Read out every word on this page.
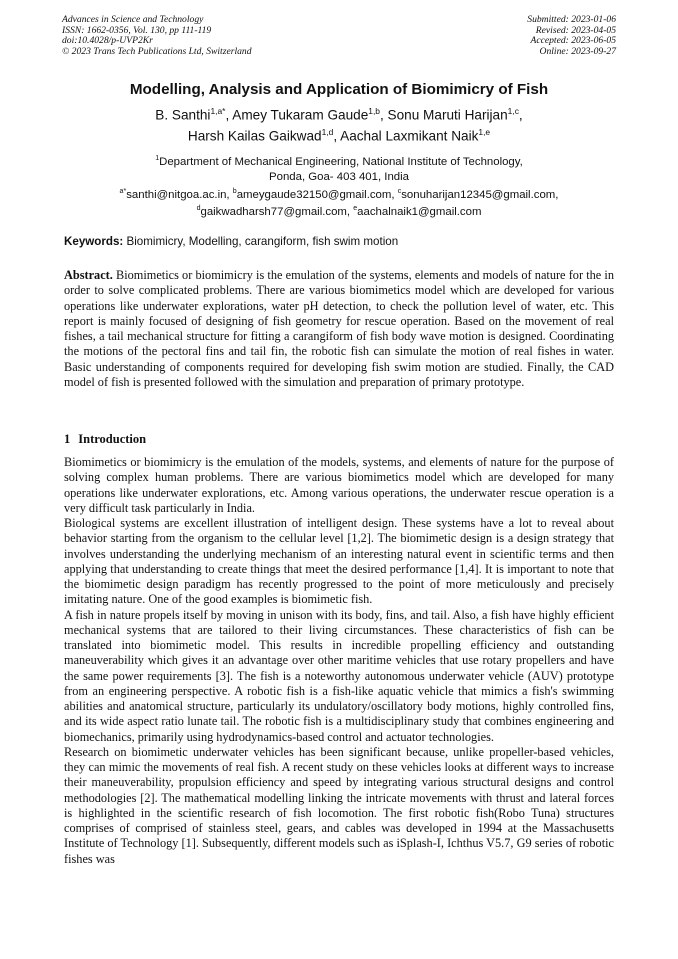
Advances in Science and Technology
ISSN: 1662-0356, Vol. 130, pp 111-119
doi:10.4028/p-UVP2Kr
© 2023 Trans Tech Publications Ltd, Switzerland
Submitted: 2023-01-06
Revised: 2023-04-05
Accepted: 2023-06-05
Online: 2023-09-27
Modelling, Analysis and Application of Biomimicry of Fish
B. Santhi$^{1,a*}$, Amey Tukaram Gaude$^{1,b}$, Sonu Maruti Harijan$^{1,c}$,
Harsh Kailas Gaikwad$^{1,d}$, Aachal Laxmikant Naik$^{1,e}$
$^1$Department of Mechanical Engineering, National Institute of Technology,
Ponda, Goa- 403 401, India
$^{a*}$santhi@nitgoa.ac.in, $^b$ameygaude32150@gmail.com, $^c$sonuharijan12345@gmail.com,
$^d$gaikwadharsh77@gmail.com, $^e$aachalnaik1@gmail.com
Keywords: Biomimicry, Modelling, carangiform, fish swim motion
Abstract. Biomimetics or biomimicry is the emulation of the systems, elements and models of nature for the in order to solve complicated problems. There are various biomimetics model which are developed for various operations like underwater explorations, water pH detection, to check the pollution level of water, etc. This report is mainly focused of designing of fish geometry for rescue operation. Based on the movement of real fishes, a tail mechanical structure for fitting a carangiform of fish body wave motion is designed. Coordinating the motions of the pectoral fins and tail fin, the robotic fish can simulate the motion of real fishes in water. Basic understanding of components required for developing fish swim motion are studied. Finally, the CAD model of fish is presented followed with the simulation and preparation of primary prototype.
1 Introduction

Biomimetics or biomimicry is the emulation of the models, systems, and elements of nature for the purpose of solving complex human problems. There are various biomimetics model which are developed for many operations like underwater explorations, etc. Among various operations, the underwater rescue operation is a very difficult task particularly in India.

Biological systems are excellent illustration of intelligent design. These systems have a lot to reveal about behavior starting from the organism to the cellular level [1,2]. The biomimetic design is a design strategy that involves understanding the underlying mechanism of an interesting natural event in scientific terms and then applying that understanding to create things that meet the desired performance [1,4]. It is important to note that the biomimetic design paradigm has recently progressed to the point of more meticulously and precisely imitating nature. One of the good examples is biomimetic fish.

A fish in nature propels itself by moving in unison with its body, fins, and tail. Also, a fish have highly efficient mechanical systems that are tailored to their living circumstances. These characteristics of fish can be translated into biomimetic model. This results in incredible propelling efficiency and outstanding maneuverability which gives it an advantage over other maritime vehicles that use rotary propellers and have the same power requirements [3]. The fish is a noteworthy autonomous underwater vehicle (AUV) prototype from an engineering perspective. A robotic fish is a fish-like aquatic vehicle that mimics a fish's swimming abilities and anatomical structure, particularly its undulatory/oscillatory body motions, highly controlled fins, and its wide aspect ratio lunate tail. The robotic fish is a multidisciplinary study that combines engineering and biomechanics, primarily using hydrodynamics-based control and actuator technologies.

Research on biomimetic underwater vehicles has been significant because, unlike propeller-based vehicles, they can mimic the movements of real fish. A recent study on these vehicles looks at different ways to increase their maneuverability, propulsion efficiency and speed by integrating various structural designs and control methodologies [2]. The mathematical modelling linking the intricate movements with thrust and lateral forces is highlighted in the scientific research of fish locomotion. The first robotic fish(Robo Tuna) structures comprises of comprised of stainless steel, gears, and cables was developed in 1994 at the Massachusetts Institute of Technology [1]. Subsequently, different models such as iSplash-I, Ichthus V5.7, G9 series of robotic fishes was
